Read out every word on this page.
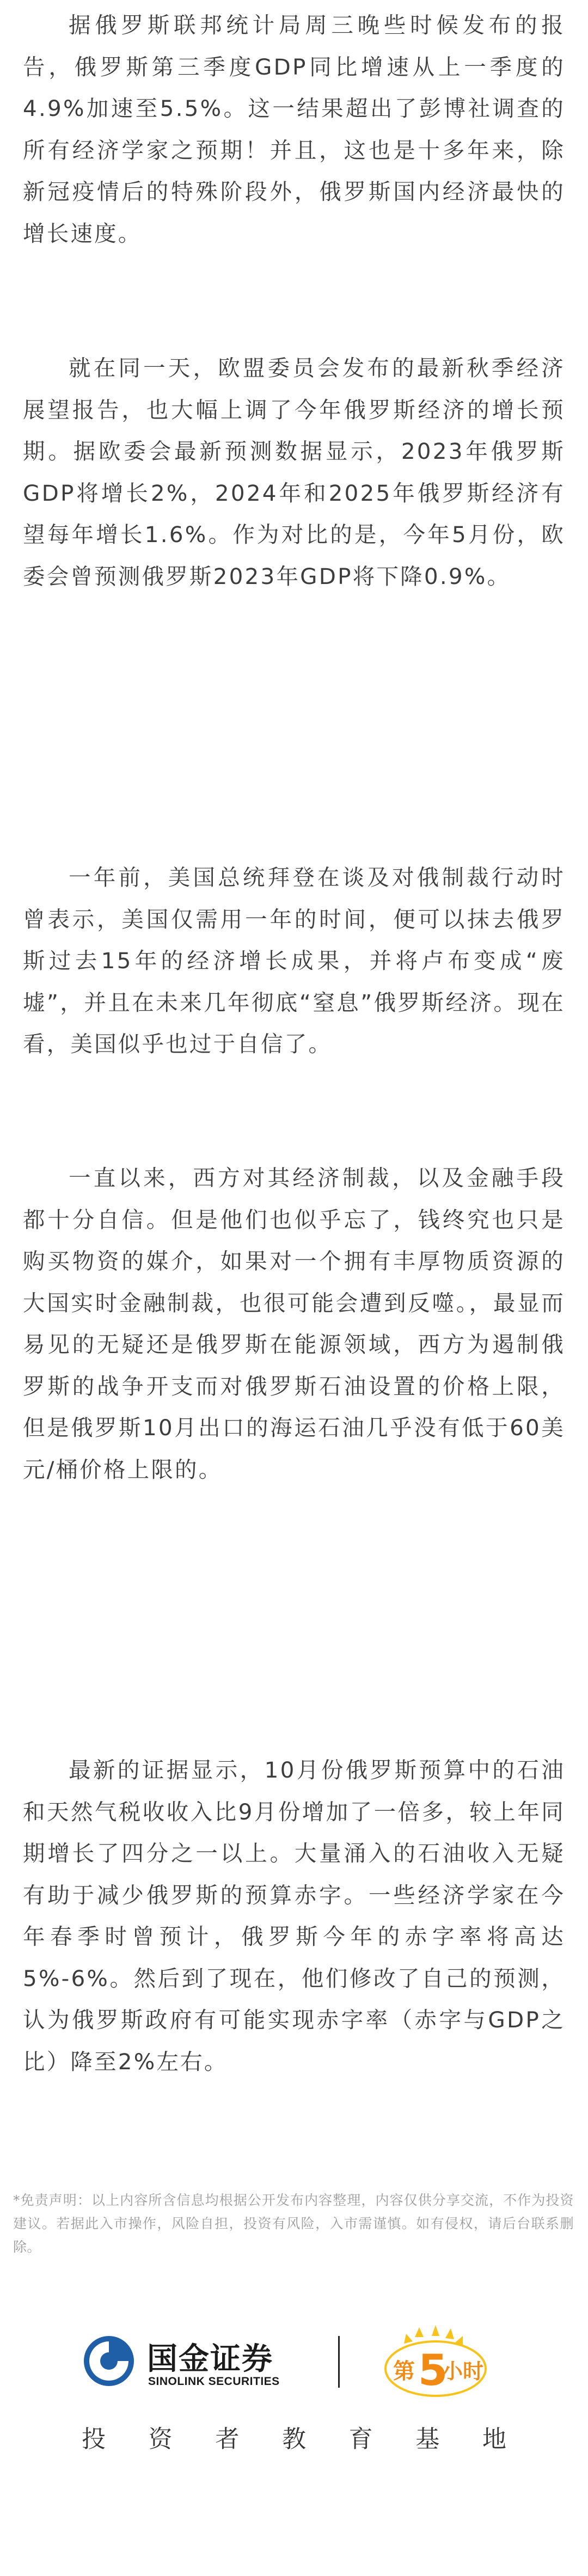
据俄罗斯联邦统计局周三晚些时候发布的报告，俄罗斯第三季度GDP同比增速从上一季度的4.9%加速至5.5%。这一结果超出了彭博社调查的所有经济学家之预期！并且，这也是十多年来，除新冠疫情后的特殊阶段外，俄罗斯国内经济最快的增长速度。

就在同一天，欧盟委员会发布的最新秋季经济展望报告，也大幅上调了今年俄罗斯经济的增长预期。据欧委会最新预测数据显示，2023年俄罗斯GDP将增长2%，2024年和2025年俄罗斯经济有望每年增长1.6%。作为对比的是，今年5月份，欧委会曾预测俄罗斯2023年GDP将下降0.9%。

一年前，美国总统拜登在谈及对俄制裁行动时曾表示，美国仅需用一年的时间，便可以抹去俄罗斯过去15年的经济增长成果，并将卢布变成“废墟”，并且在未来几年彻底“窒息”俄罗斯经济。现在看，美国似乎也过于自信了。

一直以来，西方对其经济制裁，以及金融手段都十分自信。但是他们也似乎忘了，钱终究也只是购买物资的媒介，如果对一个拥有丰厚物质资源的大国实时金融制裁，也很可能会遭到反噬。，最显而易见的无疑还是俄罗斯在能源领域，西方为遏制俄罗斯的战争开支而对俄罗斯石油设置的价格上限，但是俄罗斯10月出口的海运石油几乎没有低于60美元/桶价格上限的。

最新的证据显示，10月份俄罗斯预算中的石油和天然气税收收入比9月份增加了一倍多，较上年同期增长了四分之一以上。大量涌入的石油收入无疑有助于减少俄罗斯的预算赤字。一些经济学家在今年春季时曾预计，俄罗斯今年的赤字率将高达5%-6%。然后到了现在，他们修改了自己的预测，认为俄罗斯政府有可能实现赤字率（赤字与GDP之比）降至2%左右。

*免责声明：以上内容所含信息均根据公开发布内容整理，内容仅供分享交流，不作为投资建议。若据此入市操作，风险自担，投资有风险，入市需谨慎。如有侵权，请后台联系删除。

国金证券
SINOLINK SECURITIES	第 5
小时
投 资 者 教 育 基 地
